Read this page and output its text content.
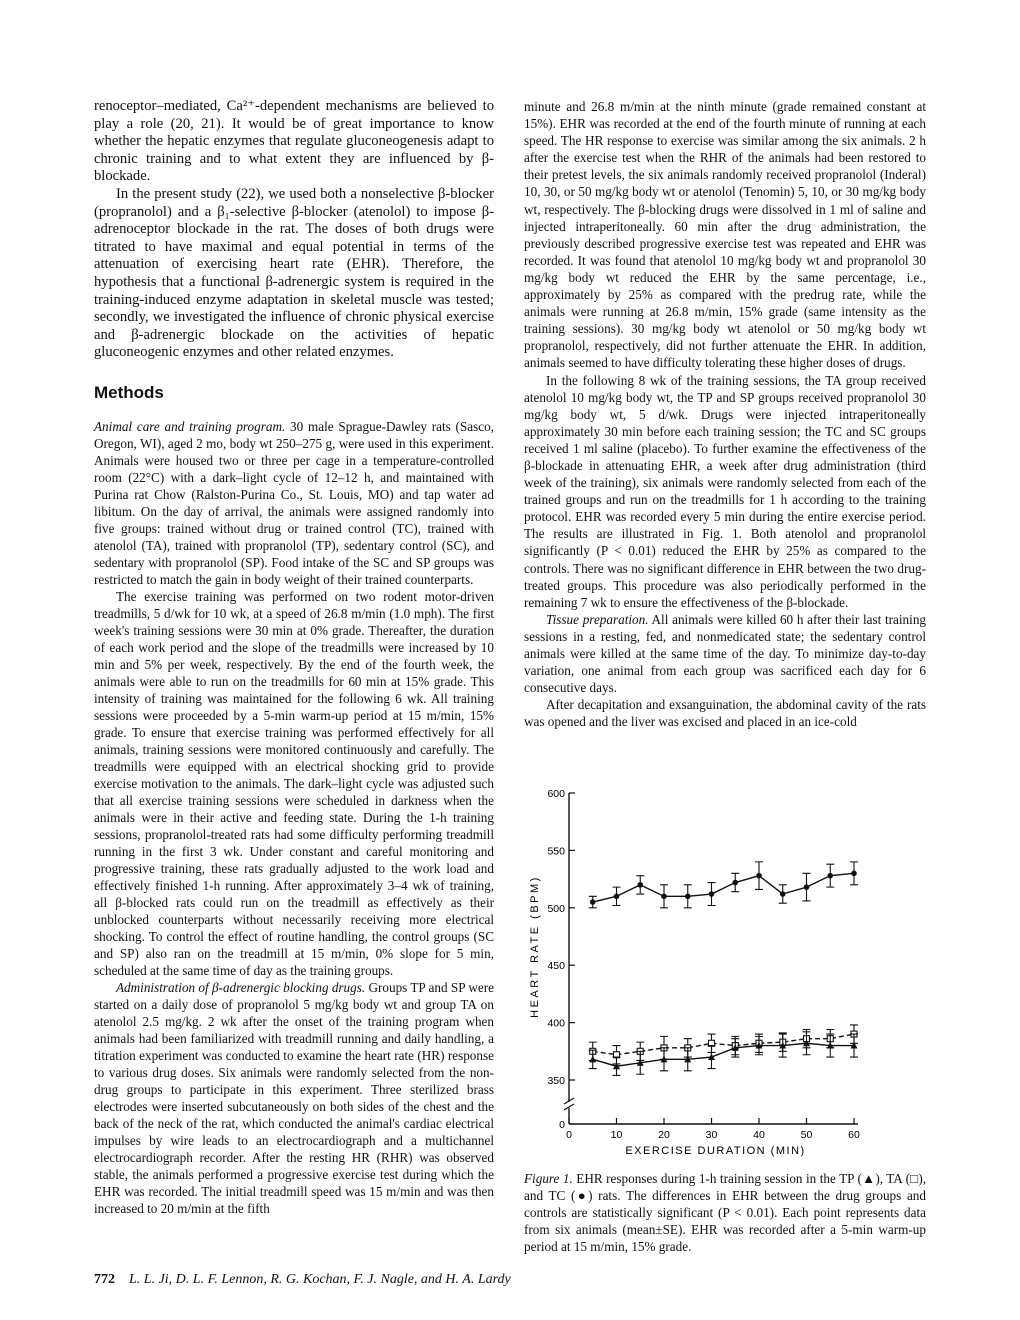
renoceptor–mediated, Ca²⁺-dependent mechanisms are believed to play a role (20, 21). It would be of great importance to know whether the hepatic enzymes that regulate gluconeogenesis adapt to chronic training and to what extent they are influenced by β-blockade.

In the present study (22), we used both a nonselective β-blocker (propranolol) and a β₁-selective β-blocker (atenolol) to impose β-adrenoceptor blockade in the rat. The doses of both drugs were titrated to have maximal and equal potential in terms of the attenuation of exercising heart rate (EHR). Therefore, the hypothesis that a functional β-adrenergic system is required in the training-induced enzyme adaptation in skeletal muscle was tested; secondly, we investigated the influence of chronic physical exercise and β-adrenergic blockade on the activities of hepatic gluconeogenic enzymes and other related enzymes.

Methods

Animal care and training program. 30 male Sprague-Dawley rats (Sasco, Oregon, WI), aged 2 mo, body wt 250–275 g, were used in this experiment. Animals were housed two or three per cage in a temperature-controlled room (22°C) with a dark–light cycle of 12–12 h, and maintained with Purina rat Chow (Ralston-Purina Co., St. Louis, MO) and tap water ad libitum. On the day of arrival, the animals were assigned randomly into five groups: trained without drug or trained control (TC), trained with atenolol (TA), trained with propranolol (TP), sedentary control (SC), and sedentary with propranolol (SP). Food intake of the SC and SP groups was restricted to match the gain in body weight of their trained counterparts.

The exercise training was performed on two rodent motor-driven treadmills, 5 d/wk for 10 wk, at a speed of 26.8 m/min (1.0 mph). The first week's training sessions were 30 min at 0% grade. Thereafter, the duration of each work period and the slope of the treadmills were increased by 10 min and 5% per week, respectively. By the end of the fourth week, the animals were able to run on the treadmills for 60 min at 15% grade. This intensity of training was maintained for the following 6 wk. All training sessions were proceeded by a 5-min warm-up period at 15 m/min, 15% grade. To ensure that exercise training was performed effectively for all animals, training sessions were monitored continuously and carefully. The treadmills were equipped with an electrical shocking grid to provide exercise motivation to the animals. The dark–light cycle was adjusted such that all exercise training sessions were scheduled in darkness when the animals were in their active and feeding state. During the 1-h training sessions, propranolol-treated rats had some difficulty performing treadmill running in the first 3 wk. Under constant and careful monitoring and progressive training, these rats gradually adjusted to the work load and effectively finished 1-h running. After approximately 3–4 wk of training, all β-blocked rats could run on the treadmill as effectively as their unblocked counterparts without necessarily receiving more electrical shocking. To control the effect of routine handling, the control groups (SC and SP) also ran on the treadmill at 15 m/min, 0% slope for 5 min, scheduled at the same time of day as the training groups.

Administration of β-adrenergic blocking drugs. Groups TP and SP were started on a daily dose of propranolol 5 mg/kg body wt and group TA on atenolol 2.5 mg/kg. 2 wk after the onset of the training program when animals had been familiarized with treadmill running and daily handling, a titration experiment was conducted to examine the heart rate (HR) response to various drug doses. Six animals were randomly selected from the non-drug groups to participate in this experiment. Three sterilized brass electrodes were inserted subcutaneously on both sides of the chest and the back of the neck of the rat, which conducted the animal's cardiac electrical impulses by wire leads to an electrocardiograph and a multichannel electrocardiograph recorder. After the resting HR (RHR) was observed stable, the animals performed a progressive exercise test during which the EHR was recorded. The initial treadmill speed was 15 m/min and was then increased to 20 m/min at the fifth

minute and 26.8 m/min at the ninth minute (grade remained constant at 15%). EHR was recorded at the end of the fourth minute of running at each speed. The HR response to exercise was similar among the six animals. 2 h after the exercise test when the RHR of the animals had been restored to their pretest levels, the six animals randomly received propranolol (Inderal) 10, 30, or 50 mg/kg body wt or atenolol (Tenomin) 5, 10, or 30 mg/kg body wt, respectively. The β-blocking drugs were dissolved in 1 ml of saline and injected intraperitoneally. 60 min after the drug administration, the previously described progressive exercise test was repeated and EHR was recorded. It was found that atenolol 10 mg/kg body wt and propranolol 30 mg/kg body wt reduced the EHR by the same percentage, i.e., approximately by 25% as compared with the predrug rate, while the animals were running at 26.8 m/min, 15% grade (same intensity as the training sessions). 30 mg/kg body wt atenolol or 50 mg/kg body wt propranolol, respectively, did not further attenuate the EHR. In addition, animals seemed to have difficulty tolerating these higher doses of drugs.

In the following 8 wk of the training sessions, the TA group received atenolol 10 mg/kg body wt, the TP and SP groups received propranolol 30 mg/kg body wt, 5 d/wk. Drugs were injected intraperitoneally approximately 30 min before each training session; the TC and SC groups received 1 ml saline (placebo). To further examine the effectiveness of the β-blockade in attenuating EHR, a week after drug administration (third week of the training), six animals were randomly selected from each of the trained groups and run on the treadmills for 1 h according to the training protocol. EHR was recorded every 5 min during the entire exercise period. The results are illustrated in Fig. 1. Both atenolol and propranolol significantly (P < 0.01) reduced the EHR by 25% as compared to the controls. There was no significant difference in EHR between the two drug-treated groups. This procedure was also periodically performed in the remaining 7 wk to ensure the effectiveness of the β-blockade.

Tissue preparation. All animals were killed 60 h after their last training sessions in a resting, fed, and nonmedicated state; the sedentary control animals were killed at the same time of the day. To minimize day-to-day variation, one animal from each group was sacrificed each day for 6 consecutive days.

After decapitation and exsanguination, the abdominal cavity of the rats was opened and the liver was excised and placed in an ice-cold

0
350
400
450
500
550
600
0	10	20	30	40	50	60
EXERCISE DURATION (MIN)
HEART RATE (BPM)
Figure 1. EHR responses during 1-h training session in the TP (▲), TA (□), and TC (●) rats. The differences in EHR between the drug groups and controls are statistically significant (P < 0.01). Each point represents data from six animals (mean±SE). EHR was recorded after a 5-min warm-up period at 15 m/min, 15% grade.
772 L. L. Ji, D. L. F. Lennon, R. G. Kochan, F. J. Nagle, and H. A. Lardy
